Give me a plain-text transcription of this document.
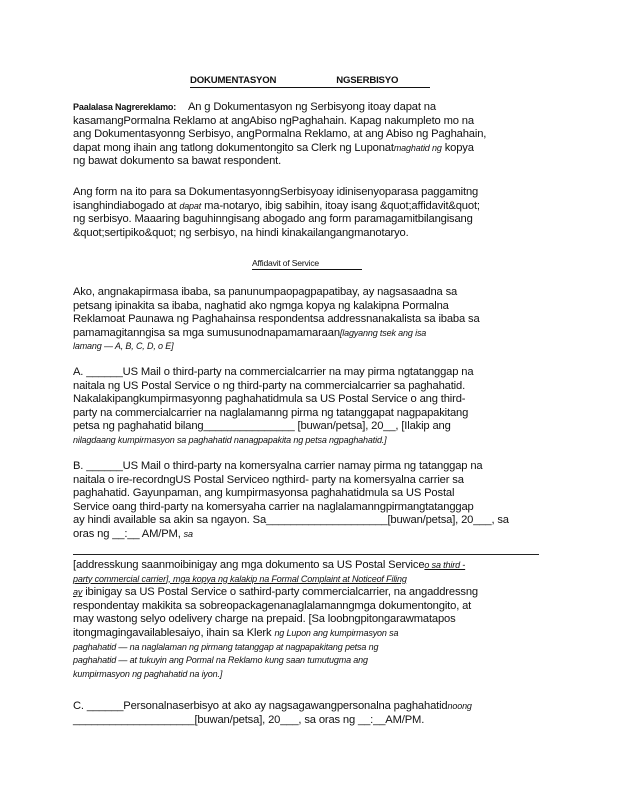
DOKUMENTASYON	NGSERBISYO
Paalalasa Nagrereklamo: An g Dokumentasyon ng Serbisyong itoay dapat na
kasamangPormalna Reklamo at angAbiso ngPaghahain. Kapag nakumpleto mo na
ang Dokumentasyonng Serbisyo, angPormalna Reklamo, at ang Abiso ng Paghahain,
dapat mong ihain ang tatlong dokumentongito sa Clerk ng Luponatmaghatid ng kopya
ng bawat dokumento sa bawat respondent.
Ang form na ito para sa DokumentasyonngSerbisyoay idinisenyoparasa paggamitng
isanghindiabogado at dapat ma-notaryo, ibig sabihin, itoay isang &quot;affidavit&quot;
ng serbisyo. Maaaring baguhinngisang abogado ang form paramagamitbilangisang
&quot;sertipiko&quot; ng serbisyo, na hindi kinakailangangmanotaryo.
Affidavit of Service
Ako, angnakapirmasa ibaba, sa panunumpaopagpapatibay, ay nagsasaadna sa
petsang ipinakita sa ibaba, naghatid ako ngmga kopya ng kalakipna Pormalna
Reklamoat Paunawa ng Paghahainsa respondentsa addressnanakalista sa ibaba sa
pamamagitanngisa sa mga sumusunodnapamamaraan[lagyanng tsek ang isa
lamang — A, B, C, D, o E]
A. ______US Mail o third-party na commercialcarrier na may pirma ngtatanggap na
naitala ng US Postal Service o ng third-party na commercialcarrier sa paghahatid.
Nakalakipangkumpirmasyonng paghahatidmula sa US Postal Service o ang third-
party na commercialcarrier na naglalamanng pirma ng tatanggapat nagpapakitang
petsa ng paghahatid bilang_______________ [buwan/petsa], 20__, [Ilakip ang
nilagdaang kumpirmasyon sa paghahatid nanagpapakita ng petsa ngpaghahatid.]
B. ______US Mail o third-party na komersyalna carrier namay pirma ng tatanggap na
naitala o ire-recordngUS Postal Serviceo ngthird- party na komersyalna carrier sa
paghahatid. Gayunpaman, ang kumpirmasyonsa paghahatidmula sa US Postal
Service oang third-party na komersyaha carrier na naglalamanngpirmangtatanggap
ay hindi available sa akin sa ngayon. Sa____________________[buwan/petsa], 20___, sa
oras ng __:__ AM/PM, sa
[addresskung saanmoibinigay ang mga dokumento sa US Postal Serviceo sa third -
party commercial carrier], mga kopya ng kalakip na Formal Complaint at Noticeof Filing
ay ibinigay sa US Postal Service o sathird-party commercialcarrier, na angaddressng
respondentay makikita sa sobreopackagenanaglalamanngmga dokumentongito, at
may wastong selyo odelivery charge na prepaid. [Sa loobngpitongarawmatapos
itongmagingavailablesaiyo, ihain sa Klerk ng Lupon ang kumpirmasyon sa
paghahatid — na naglalaman ng pirmang tatanggap at nagpapakitang petsa ng
paghahatid — at tukuyin ang Pormal na Reklamo kung saan tumutugma ang
kumpirmasyon ng paghahatid na iyon.]
C. ______Personalnaserbisyo at ako ay nagsagawangpersonalna paghahatidnoong
____________________[buwan/petsa], 20___, sa oras ng __:__AM/PM.
